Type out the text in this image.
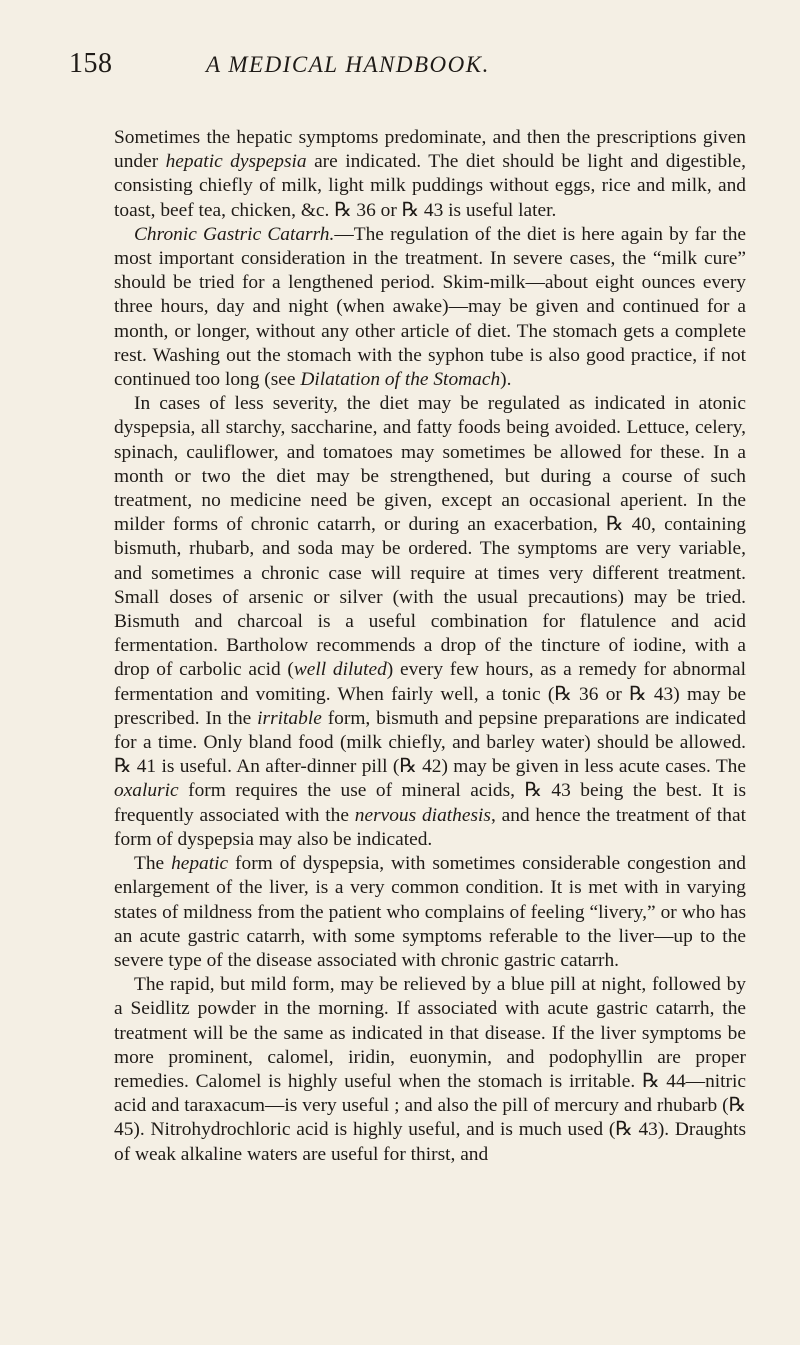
158	A MEDICAL HANDBOOK.

Sometimes the hepatic symptoms predominate, and then the prescriptions given under hepatic dyspepsia are indicated. The diet should be light and digestible, consisting chiefly of milk, light milk puddings without eggs, rice and milk, and toast, beef tea, chicken, &c. ℞ 36 or ℞ 43 is useful later.

Chronic Gastric Catarrh.—The regulation of the diet is here again by far the most important consideration in the treatment. In severe cases, the “milk cure” should be tried for a lengthened period. Skim-milk—about eight ounces every three hours, day and night (when awake)—may be given and continued for a month, or longer, without any other article of diet. The stomach gets a complete rest. Washing out the stomach with the syphon tube is also good practice, if not continued too long (see Dilatation of the Stomach).

In cases of less severity, the diet may be regulated as indicated in atonic dyspepsia, all starchy, saccharine, and fatty foods being avoided. Lettuce, celery, spinach, cauliflower, and tomatoes may sometimes be allowed for these. In a month or two the diet may be strengthened, but during a course of such treatment, no medicine need be given, except an occasional aperient. In the milder forms of chronic catarrh, or during an exacerbation, ℞ 40, containing bismuth, rhubarb, and soda may be ordered. The symptoms are very variable, and sometimes a chronic case will require at times very different treatment. Small doses of arsenic or silver (with the usual precautions) may be tried. Bismuth and charcoal is a useful combination for flatulence and acid fermentation. Bartholow recommends a drop of the tincture of iodine, with a drop of carbolic acid (well diluted) every few hours, as a remedy for abnormal fermentation and vomiting. When fairly well, a tonic (℞ 36 or ℞ 43) may be prescribed. In the irritable form, bismuth and pepsine preparations are indicated for a time. Only bland food (milk chiefly, and barley water) should be allowed. ℞ 41 is useful. An after-dinner pill (℞ 42) may be given in less acute cases. The oxaluric form requires the use of mineral acids, ℞ 43 being the best. It is frequently associated with the nervous diathesis, and hence the treatment of that form of dyspepsia may also be indicated.

The hepatic form of dyspepsia, with sometimes considerable congestion and enlargement of the liver, is a very common condition. It is met with in varying states of mildness from the patient who complains of feeling “livery,” or who has an acute gastric catarrh, with some symptoms referable to the liver—up to the severe type of the disease associated with chronic gastric catarrh.

The rapid, but mild form, may be relieved by a blue pill at night, followed by a Seidlitz powder in the morning. If associated with acute gastric catarrh, the treatment will be the same as indicated in that disease. If the liver symptoms be more prominent, calomel, iridin, euonymin, and podophyllin are proper remedies. Calomel is highly useful when the stomach is irritable. ℞ 44—nitric acid and taraxacum—is very useful ; and also the pill of mercury and rhubarb (℞ 45). Nitrohydrochloric acid is highly useful, and is much used (℞ 43). Draughts of weak alkaline waters are useful for thirst, and
